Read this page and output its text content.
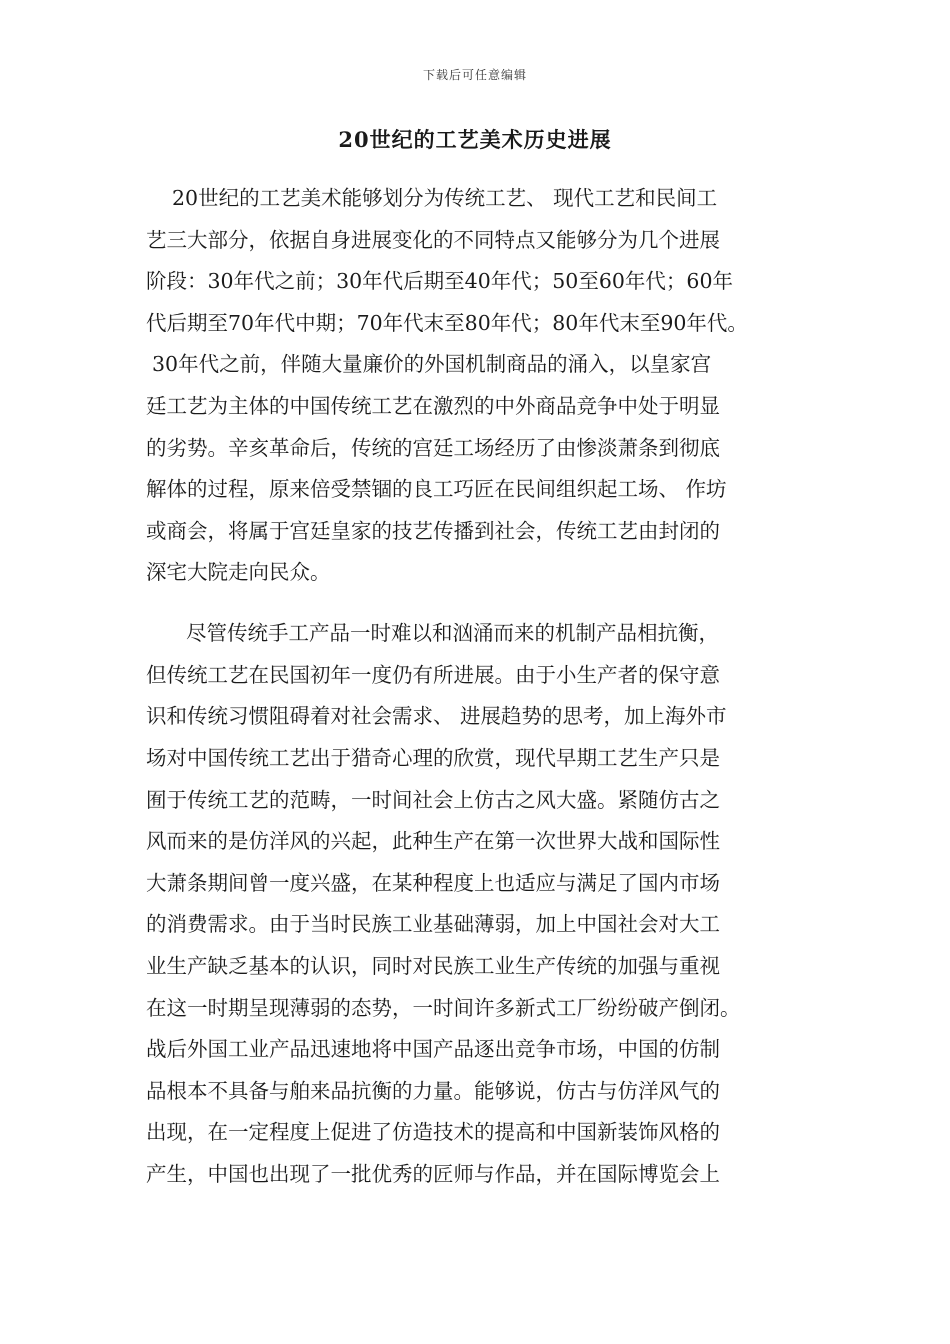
下载后可任意编辑
20世纪的工艺美术历史进展
20世纪的工艺美术能够划分为传统工艺、 现代工艺和民间工
艺三大部分，依据自身进展变化的不同特点又能够分为几个进展
阶段：30年代之前；30年代后期至40年代；50至60年代；60年
代后期至70年代中期；70年代末至80年代；80年代末至90年代。
30年代之前，伴随大量廉价的外国机制商品的涌入，以皇家宫
廷工艺为主体的中国传统工艺在激烈的中外商品竞争中处于明显
的劣势。辛亥革命后，传统的宫廷工场经历了由惨淡萧条到彻底
解体的过程，原来倍受禁锢的良工巧匠在民间组织起工场、 作坊
或商会，将属于宫廷皇家的技艺传播到社会，传统工艺由封闭的
深宅大院走向民众。
尽管传统手工产品一时难以和汹涌而来的机制产品相抗衡，
但传统工艺在民国初年一度仍有所进展。由于小生产者的保守意
识和传统习惯阻碍着对社会需求、 进展趋势的思考，加上海外市
场对中国传统工艺出于猎奇心理的欣赏，现代早期工艺生产只是
囿于传统工艺的范畴，一时间社会上仿古之风大盛。紧随仿古之
风而来的是仿洋风的兴起，此种生产在第一次世界大战和国际性
大萧条期间曾一度兴盛，在某种程度上也适应与满足了国内市场
的消费需求。由于当时民族工业基础薄弱，加上中国社会对大工
业生产缺乏基本的认识，同时对民族工业生产传统的加强与重视
在这一时期呈现薄弱的态势，一时间许多新式工厂纷纷破产倒闭。
战后外国工业产品迅速地将中国产品逐出竞争市场，中国的仿制
品根本不具备与舶来品抗衡的力量。能够说，仿古与仿洋风气的
出现，在一定程度上促进了仿造技术的提高和中国新装饰风格的
产生，中国也出现了一批优秀的匠师与作品，并在国际博览会上
